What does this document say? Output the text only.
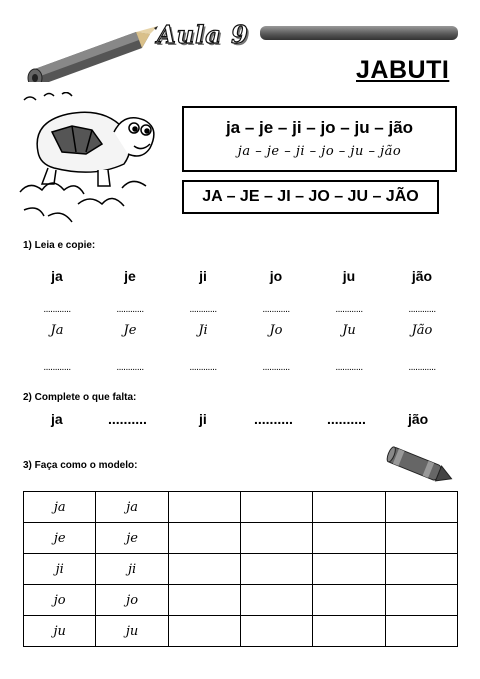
Aula 9
JABUTI
ja – je – ji – jo – ju – jão
ja – je – ji – jo – ju – jão
JA – JE – JI – JO – JU – JÃO
1) Leia e copie:
ja	je	ji	jo	ju	jão
............	............	............	............	............	............
Ja	Je	Ji	Jo	Ju	Jão
............	............	............	............	............	............
2) Complete o que falta:
ja	..........	ji	.......... ..........	jão
3) Faça como o modelo:
ja	ja				
je	je				
ji	ji				
jo	jo				
ju	ju				
